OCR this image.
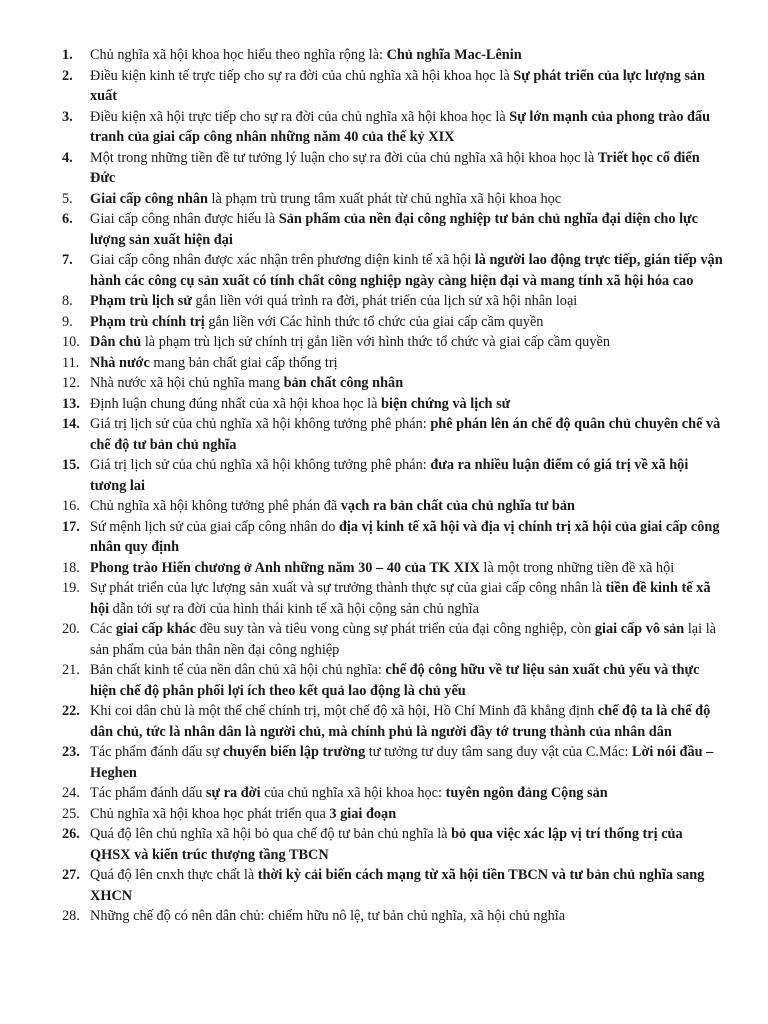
1.	Chủ nghĩa xã hội khoa học hiểu theo nghĩa rộng là: Chủ nghĩa Mac-Lênin
2.	Điều kiện kinh tế trực tiếp cho sự ra đời của chủ nghĩa xã hội khoa học là Sự phát triển của lực lượng sản xuất
3.	Điều kiện xã hội trực tiếp cho sự ra đời của chủ nghĩa xã hội khoa học là Sự lớn mạnh của phong trào đấu tranh của giai cấp công nhân những năm 40 của thế kỷ XIX
4.	Một trong những tiền đề tư tưởng lý luận cho sự ra đời của chủ nghĩa xã hội khoa học là Triết học cổ điển Đức
5.	Giai cấp công nhân là phạm trù trung tâm xuất phát từ chủ nghĩa xã hội khoa học
6.	Giai cấp công nhân được hiểu là Sản phẩm của nền đại công nghiệp tư bản chủ nghĩa đại diện cho lực lượng sản xuất hiện đại
7.	Giai cấp công nhân được xác nhận trên phương diện kinh tế xã hội là người lao động trực tiếp, gián tiếp vận hành các công cụ sản xuất có tính chất công nghiệp ngày càng hiện đại và mang tính xã hội hóa cao
8.	Phạm trù lịch sử gắn liền với quá trình ra đời, phát triển của lịch sử xã hội nhân loại
9.	Phạm trù chính trị gắn liền với Các hình thức tổ chức của giai cấp cầm quyền
10. Dân chủ là phạm trù lịch sử chính trị gắn liền với hình thức tổ chức và giai cấp cầm quyền
11. Nhà nước mang bản chất giai cấp thống trị
12. Nhà nước xã hội chủ nghĩa mang bản chất công nhân
13. Định luận chung đúng nhất của xã hội khoa học là biện chứng và lịch sử
14. Giá trị lịch sử của chủ nghĩa xã hội không tưởng phê phán: phê phán lên án chế độ quân chủ chuyên chế và chế độ tư bản chủ nghĩa
15. Giá trị lịch sử của chủ nghĩa xã hội không tưởng phê phán: đưa ra nhiều luận điểm có giá trị về xã hội tương lai
16. Chủ nghĩa xã hội không tưởng phê phán đã vạch ra bản chất của chủ nghĩa tư bản
17. Sứ mệnh lịch sử của giai cấp công nhân do địa vị kinh tế xã hội và địa vị chính trị xã hội của giai cấp công nhân quy định
18. Phong trào Hiến chương ở Anh những năm 30 – 40 của TK XIX là một trong những tiền đề xã hội
19. Sự phát triển của lực lượng sản xuất và sự trưởng thành thực sự của giai cấp công nhân là tiền đề kinh tế xã hội dẫn tới sự ra đời của hình thái kinh tế xã hội cộng sản chủ nghĩa
20. Các giai cấp khác đều suy tàn và tiêu vong cùng sự phát triển của đại công nghiệp, còn giai cấp vô sản lại là sản phẩm của bản thân nền đại công nghiệp
21. Bản chất kinh tế của nền dân chủ xã hội chủ nghĩa: chế độ công hữu về tư liệu sản xuất chủ yếu và thực hiện chế độ phân phối lợi ích theo kết quả lao động là chủ yếu
22. Khi coi dân chủ là một thể chế chính trị, một chế độ xã hội, Hồ Chí Minh đã khẳng định chế độ ta là chế độ dân chủ, tức là nhân dân là người chủ, mà chính phủ là người đầy tớ trung thành của nhân dân
23. Tác phẩm đánh dấu sự chuyển biến lập trường tư tưởng tư duy tâm sang duy vật của C.Mác: Lời nói đầu – Heghen
24. Tác phẩm đánh dấu sự ra đời của chủ nghĩa xã hội khoa học: tuyên ngôn đảng Cộng sản
25. Chủ nghĩa xã hội khoa học phát triển qua 3 giai đoạn
26. Quá độ lên chủ nghĩa xã hội bỏ qua chế độ tư bản chủ nghĩa là bỏ qua việc xác lập vị trí thống trị của QHSX và kiến trúc thượng tầng TBCN
27. Quá độ lên cnxh thực chất là thời kỳ cải biến cách mạng từ xã hội tiền TBCN và tư bản chủ nghĩa sang XHCN
28. Những chế độ có nên dân chủ: chiếm hữu nô lệ, tư bản chủ nghĩa, xã hội chủ nghĩa
